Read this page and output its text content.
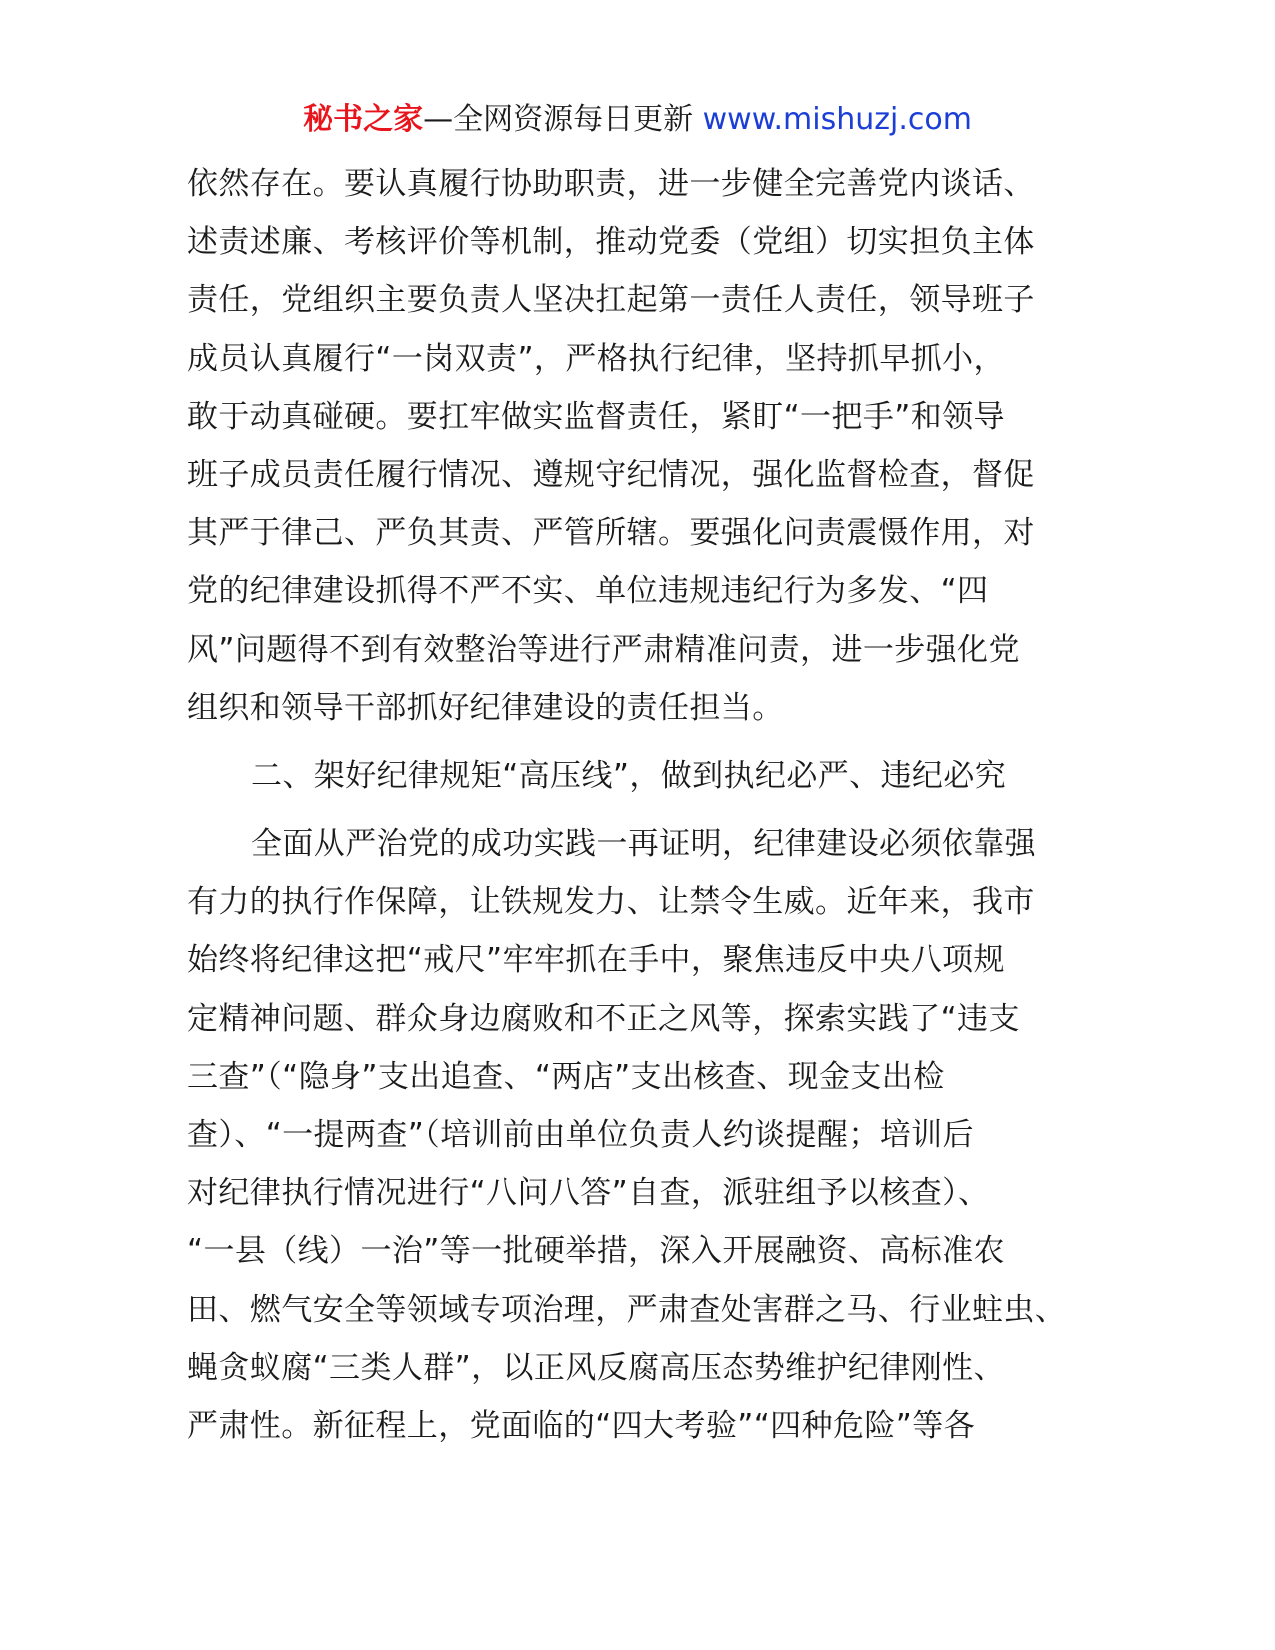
秘书之家—全网资源每日更新 www.mishuzj.com
依然存在。要认真履行协助职责，进一步健全完善党内谈话、
述责述廉、考核评价等机制，推动党委（党组）切实担负主体
责任，党组织主要负责人坚决扛起第一责任人责任，领导班子
成员认真履行“一岗双责”，严格执行纪律，坚持抓早抓小，
敢于动真碰硬。要扛牢做实监督责任，紧盯“一把手”和领导
班子成员责任履行情况、遵规守纪情况，强化监督检查，督促
其严于律己、严负其责、严管所辖。要强化问责震慑作用，对
党的纪律建设抓得不严不实、单位违规违纪行为多发、“四
风”问题得不到有效整治等进行严肃精准问责，进一步强化党
组织和领导干部抓好纪律建设的责任担当。
二、架好纪律规矩“高压线”，做到执纪必严、违纪必究
全面从严治党的成功实践一再证明，纪律建设必须依靠强
有力的执行作保障，让铁规发力、让禁令生威。近年来，我市
始终将纪律这把“戒尺”牢牢抓在手中，聚焦违反中央八项规
定精神问题、群众身边腐败和不正之风等，探索实践了“违支
三查”（“隐身”支出追查、“两店”支出核查、现金支出检
查）、“一提两查”（培训前由单位负责人约谈提醒；培训后
对纪律执行情况进行“八问八答”自查，派驻组予以核查）、
“一县（线）一治”等一批硬举措，深入开展融资、高标准农
田、燃气安全等领域专项治理，严肃查处害群之马、行业蛀虫、
蝇贪蚁腐“三类人群”，以正风反腐高压态势维护纪律刚性、
严肃性。新征程上，党面临的“四大考验”“四种危险”等各
